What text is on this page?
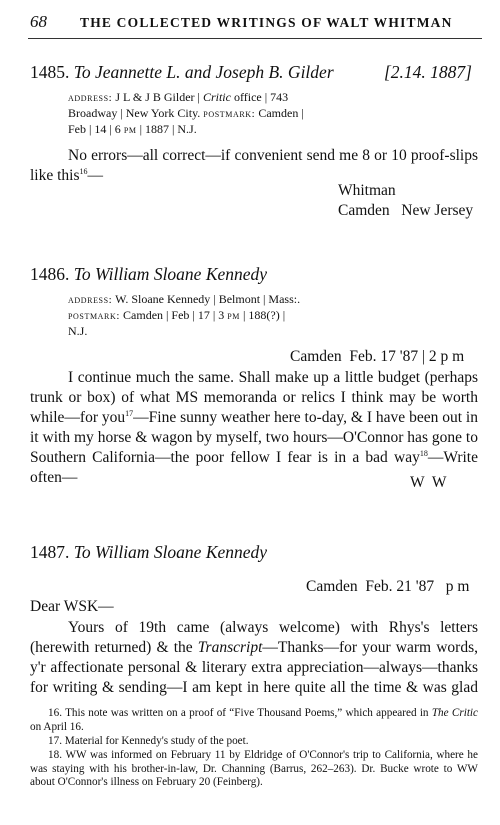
68 THE COLLECTED WRITINGS OF WALT WHITMAN
1485. To Jeannette L. and Joseph B. Gilder	[2.14. 1887]
address: J L & J B Gilder | Critic office | 743
Broadway | New York City. postmark: Camden |
Feb | 14 | 6 pm | 1887 | N.J.
No errors—all correct—if convenient send me 8 or 10 proof-slips like this$^{16}$—
Whitman
Camden   New Jersey
1486. To William Sloane Kennedy
address: W. Sloane Kennedy | Belmont | Mass:.
postmark: Camden | Feb | 17 | 3 pm | 188(?) |
N.J.
Camden  Feb. 17 '87 | 2 p m
I continue much the same. Shall make up a little budget (perhaps trunk or box) of what MS memoranda or relics I think may be worth while—for you$^{17}$—Fine sunny weather here to-day, & I have been out in it with my horse & wagon by myself, two hours—O'Connor has gone to Southern California—the poor fellow I fear is in a bad way$^{18}$—Write often—	W  W
1487. To William Sloane Kennedy
Camden  Feb. 21 '87   p m
Dear WSK—
Yours of 19th came (always welcome) with Rhys's letters (herewith returned) & the Transcript—Thanks—for your warm words, y'r affectionate personal & literary extra appreciation—always—thanks for writing & sending—I am kept in here quite all the time & was glad
16. This note was written on a proof of “Five Thousand Poems,” which appeared in The Critic on April 16.
17. Material for Kennedy's study of the poet.
18. WW was informed on February 11 by Eldridge of O'Connor's trip to California, where he was staying with his brother-in-law, Dr. Channing (Barrus, 262–263). Dr. Bucke wrote to WW about O'Connor's illness on February 20 (Feinberg).
